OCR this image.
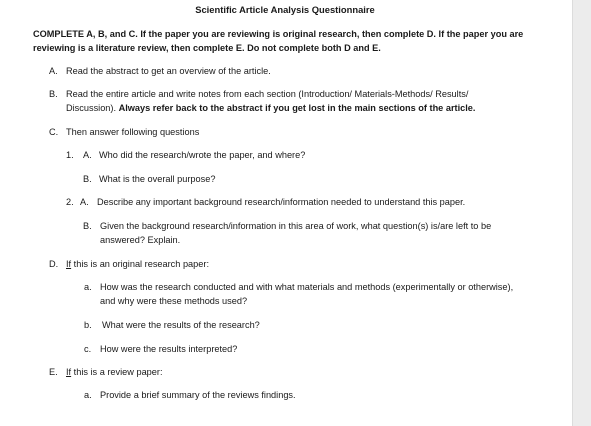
Scientific Article Analysis Questionnaire
COMPLETE A, B, and C. If the paper you are reviewing is original research, then complete D. If the paper you are
reviewing is a literature review, then complete E. Do not complete both D and E.
A. Read the abstract to get an overview of the article.
B. Read the entire article and write notes from each section (Introduction/ Materials-Methods/ Results/
Discussion). Always refer back to the abstract if you get lost in the main sections of the article.
C. Then answer following questions
1. A. Who did the research/wrote the paper, and where?
B. What is the overall purpose?
2. A. Describe any important background research/information needed to understand this paper.
B. Given the background research/information in this area of work, what question(s) is/are left to be
answered? Explain.
D. If this is an original research paper:
a. How was the research conducted and with what materials and methods (experimentally or otherwise),
and why were these methods used?
b. What were the results of the research?
c. How were the results interpreted?
E. If this is a review paper:
a. Provide a brief summary of the reviews findings.
